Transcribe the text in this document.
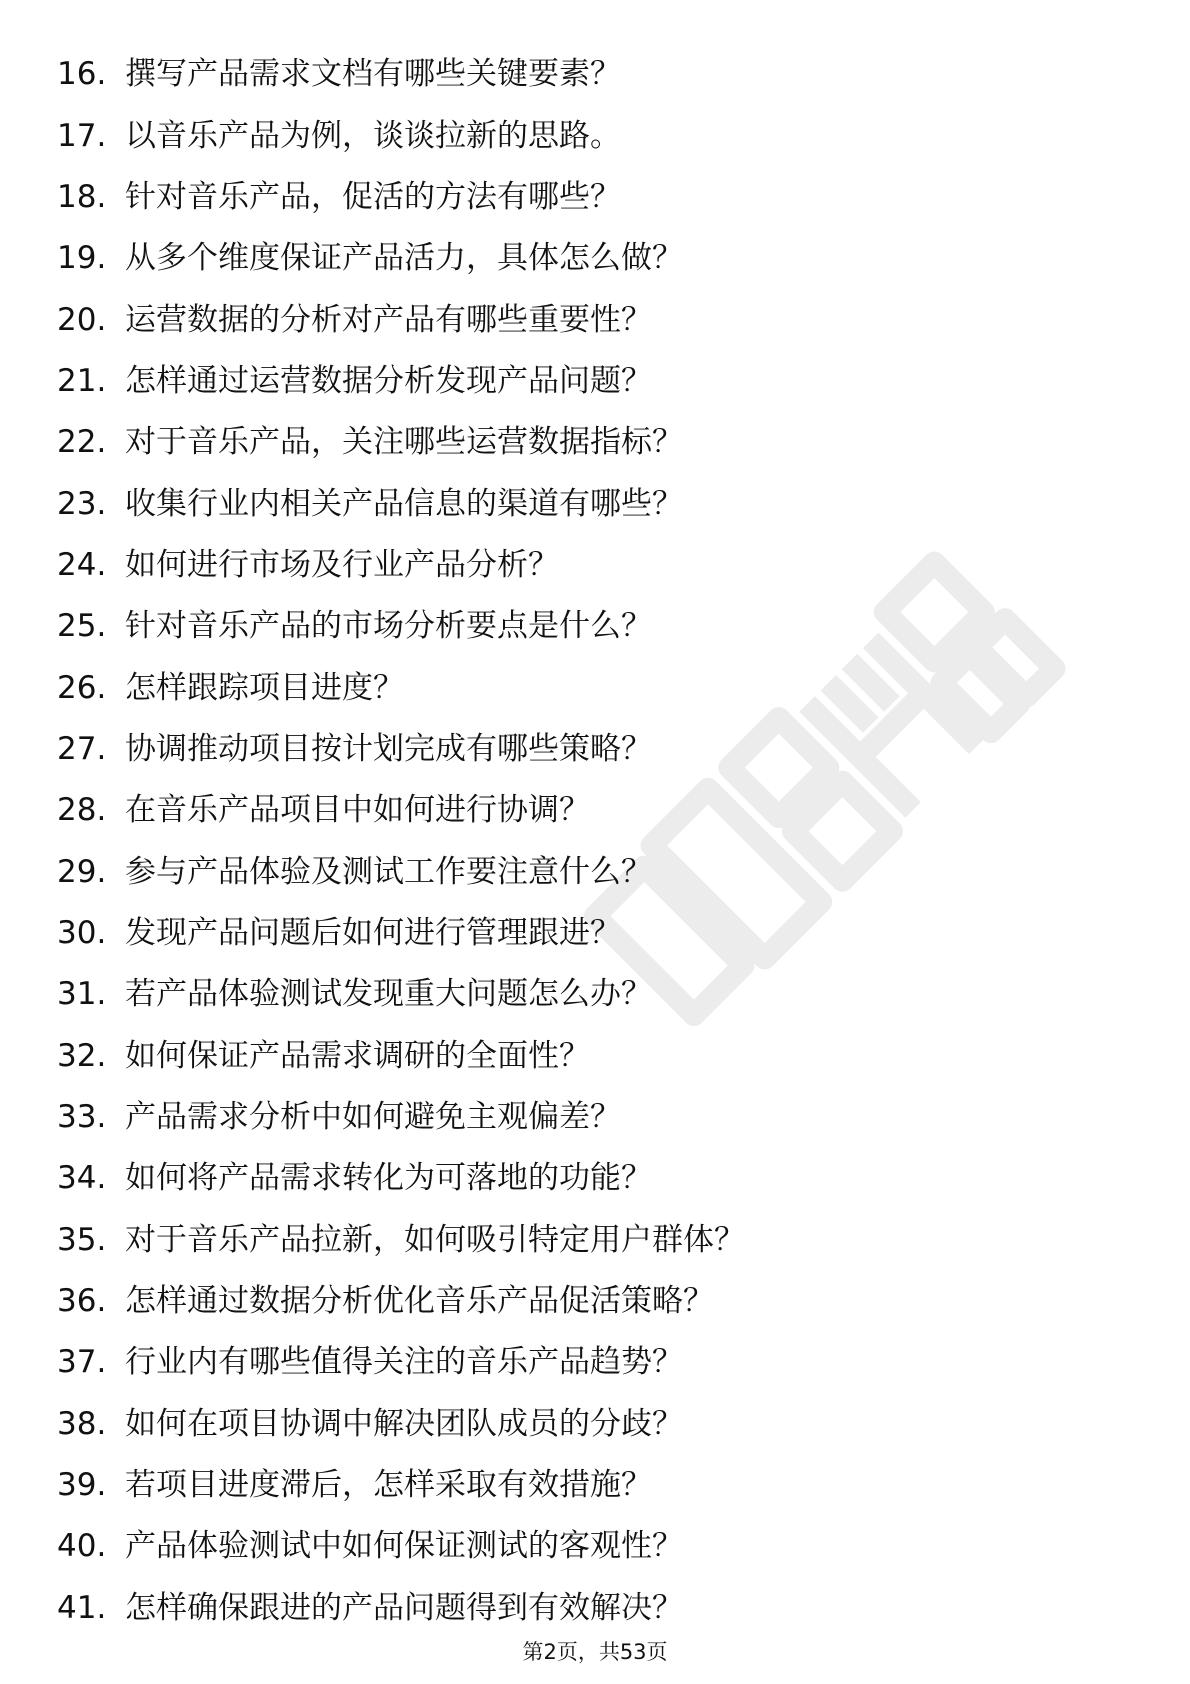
16. 撰写产品需求文档有哪些关键要素？
17. 以音乐产品为例，谈谈拉新的思路。
18. 针对音乐产品，促活的方法有哪些？
19. 从多个维度保证产品活力，具体怎么做？
20. 运营数据的分析对产品有哪些重要性？
21. 怎样通过运营数据分析发现产品问题？
22. 对于音乐产品，关注哪些运营数据指标？
23. 收集行业内相关产品信息的渠道有哪些？
24. 如何进行市场及行业产品分析？
25. 针对音乐产品的市场分析要点是什么？
26. 怎样跟踪项目进度？
27. 协调推动项目按计划完成有哪些策略？
28. 在音乐产品项目中如何进行协调？
29. 参与产品体验及测试工作要注意什么？
30. 发现产品问题后如何进行管理跟进？
31. 若产品体验测试发现重大问题怎么办？
32. 如何保证产品需求调研的全面性？
33. 产品需求分析中如何避免主观偏差？
34. 如何将产品需求转化为可落地的功能？
35. 对于音乐产品拉新，如何吸引特定用户群体？
36. 怎样通过数据分析优化音乐产品促活策略？
37. 行业内有哪些值得关注的音乐产品趋势？
38. 如何在项目协调中解决团队成员的分歧？
39. 若项目进度滞后，怎样采取有效措施？
40. 产品体验测试中如何保证测试的客观性？
41. 怎样确保跟进的产品问题得到有效解决？
第2页，共53页
